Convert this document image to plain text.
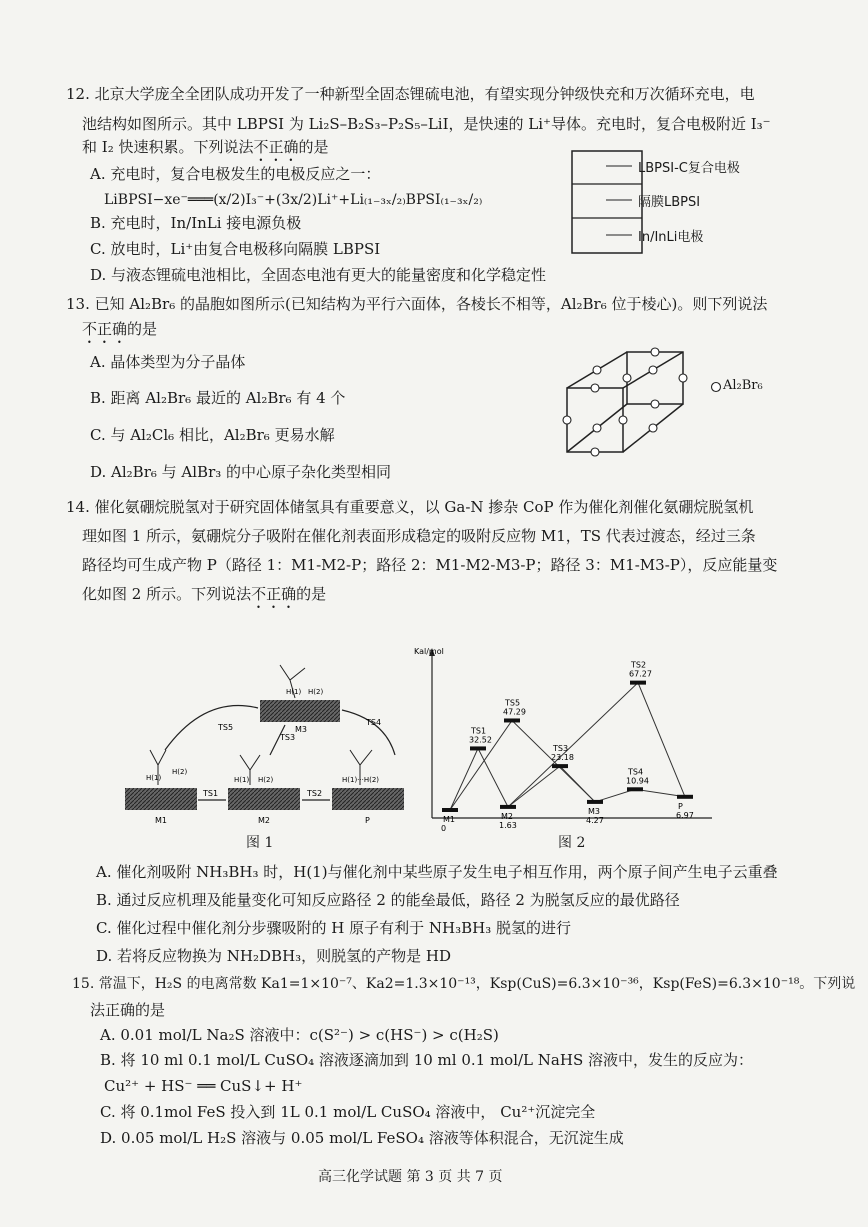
12. 北京大学庞全全团队成功开发了一种新型全固态锂硫电池，有望实现分钟级快充和万次循环充电，电
池结构如图所示。其中 LBPSI 为 Li₂S–B₂S₃–P₂S₅–LiI，是快速的 Li⁺导体。充电时，复合电极附近 I₃⁻
和 I₂ 快速积累。下列说法不正确的是
A. 充电时，复合电极发生的电极反应之一：
LiBPSI−xe⁻═══(x/2)I₃⁻+(3x/2)Li⁺+Li₍₁₋₃ₓ/₂₎BPSI₍₁₋₃ₓ/₂₎
B. 充电时，In/InLi 接电源负极
C. 放电时，Li⁺由复合电极移向隔膜 LBPSI
D. 与液态锂硫电池相比，全固态电池有更大的能量密度和化学稳定性
LBPSI-C复合电极
隔膜LBPSI
In/InLi电极
13. 已知 Al₂Br₆ 的晶胞如图所示(已知结构为平行六面体，各棱长不相等，Al₂Br₆ 位于棱心)。则下列说法
不正确的是
A. 晶体类型为分子晶体
B. 距离 Al₂Br₆ 最近的 Al₂Br₆ 有 4 个
C. 与 Al₂Cl₆ 相比，Al₂Br₆ 更易水解
D. Al₂Br₆ 与 AlBr₃ 的中心原子杂化类型相同
Al₂Br₆
14. 催化氨硼烷脱氢对于研究固体储氢具有重要意义，以 Ga-N 掺杂 CoP 作为催化剂催化氨硼烷脱氢机
理如图 1 所示，氨硼烷分子吸附在催化剂表面形成稳定的吸附反应物 M1，TS 代表过渡态，经过三条
路径均可生成产物 P（路径 1：M1-M2-P；路径 2：M1-M2-M3-P；路径 3：M1-M3-P），反应能量变
化如图 2 所示。下列说法不正确的是
TS5
TS4
TS3
TS1	TS2
M1	M2	P
M3
H(1)
H(2)
H(1) H(2)
H(1) H(2)
H(1)···H(2)
Kal/mol
M1
0
TS1
32.52
TS5
47.29
M2
1.63
TS3
23.18
TS2
67.27
M3
4.27
TS4
10.94
P
6.97
图 1	图 2
A. 催化剂吸附 NH₃BH₃ 时，H(1)与催化剂中某些原子发生电子相互作用，两个原子间产生电子云重叠
B. 通过反应机理及能量变化可知反应路径 2 的能垒最低，路径 2 为脱氢反应的最优路径
C. 催化过程中催化剂分步骤吸附的 H 原子有利于 NH₃BH₃ 脱氢的进行
D. 若将反应物换为 NH₂DBH₃，则脱氢的产物是 HD
15. 常温下，H₂S 的电离常数 Ka1=1×10⁻⁷、Ka2=1.3×10⁻¹³，Ksp(CuS)=6.3×10⁻³⁶，Ksp(FeS)=6.3×10⁻¹⁸。下列说
法正确的是
A. 0.01 mol/L Na₂S 溶液中：c(S²⁻) > c(HS⁻) > c(H₂S)
B. 将 10 ml 0.1 mol/L CuSO₄ 溶液逐滴加到 10 ml 0.1 mol/L NaHS 溶液中，发生的反应为：
Cu²⁺ + HS⁻ ══ CuS↓+ H⁺
C. 将 0.1mol FeS 投入到 1L 0.1 mol/L CuSO₄ 溶液中， Cu²⁺沉淀完全
D. 0.05 mol/L H₂S 溶液与 0.05 mol/L FeSO₄ 溶液等体积混合，无沉淀生成
高三化学试题 第 3 页 共 7 页
